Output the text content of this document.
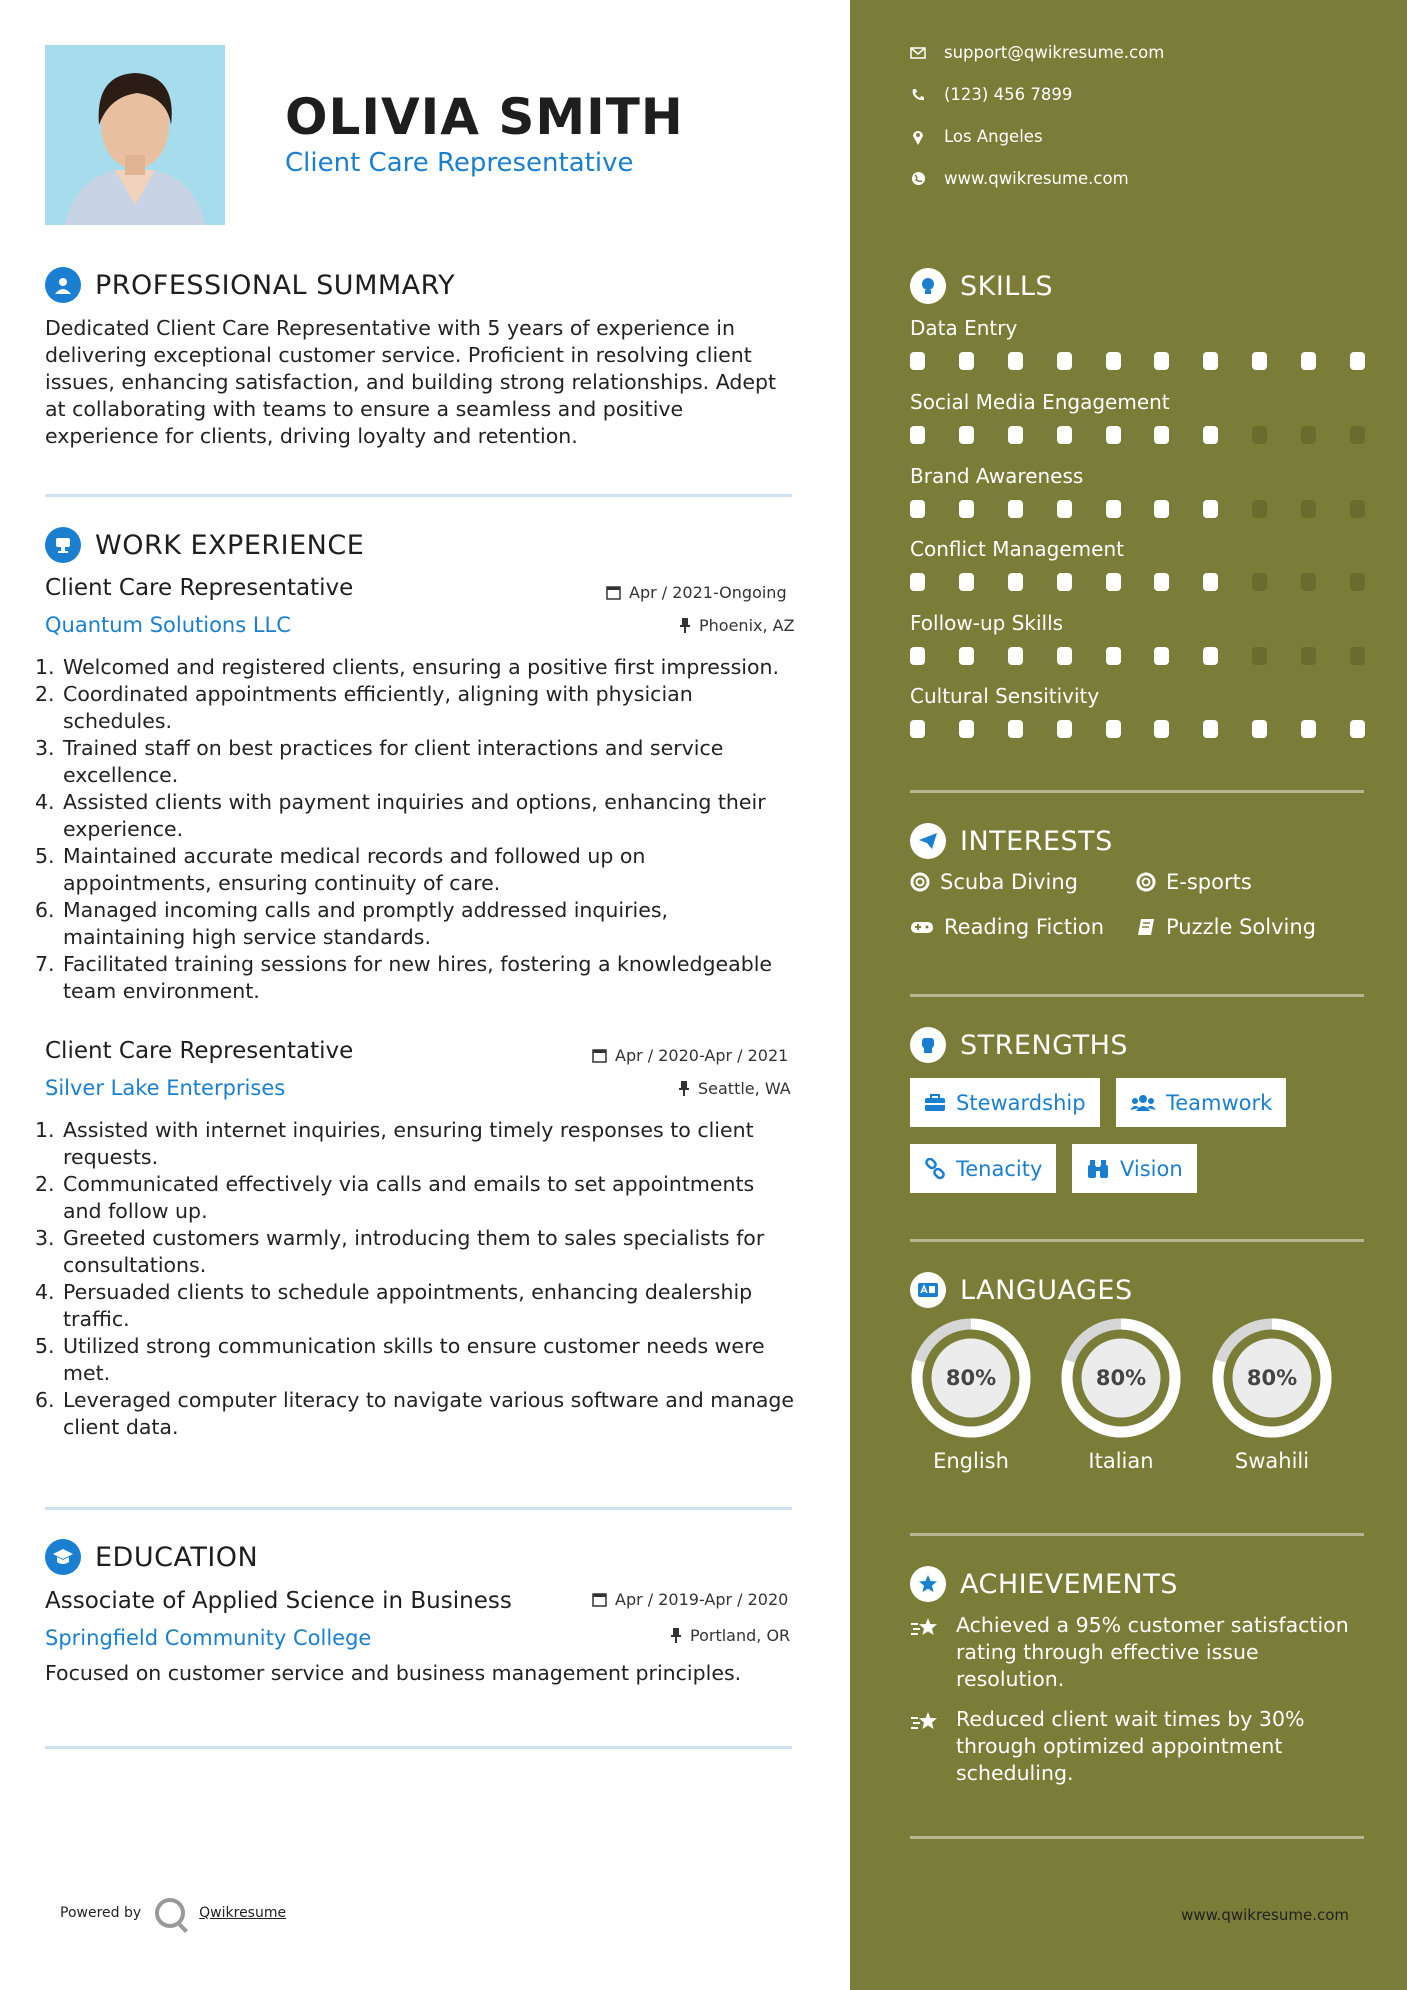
OLIVIA SMITH
Client Care Representative
PROFESSIONAL SUMMARY
Dedicated Client Care Representative with 5 years of experience in delivering exceptional customer service. Proficient in resolving client issues, enhancing satisfaction, and building strong relationships. Adept at collaborating with teams to ensure a seamless and positive experience for clients, driving loyalty and retention.
WORK EXPERIENCE
Client Care Representative	Apr / 2021-Ongoing
Quantum Solutions LLC	Phoenix, AZ
Welcomed and registered clients, ensuring a positive first impression.
Coordinated appointments efficiently, aligning with physician schedules.
Trained staff on best practices for client interactions and service excellence.
Assisted clients with payment inquiries and options, enhancing their experience.
Maintained accurate medical records and followed up on appointments, ensuring continuity of care.
Managed incoming calls and promptly addressed inquiries, maintaining high service standards.
Facilitated training sessions for new hires, fostering a knowledgeable team environment.
Client Care Representative	Apr / 2020-Apr / 2021
Silver Lake Enterprises	Seattle, WA
Assisted with internet inquiries, ensuring timely responses to client requests.
Communicated effectively via calls and emails to set appointments and follow up.
Greeted customers warmly, introducing them to sales specialists for consultations.
Persuaded clients to schedule appointments, enhancing dealership traffic.
Utilized strong communication skills to ensure customer needs were met.
Leveraged computer literacy to navigate various software and manage client data.
EDUCATION
Associate of Applied Science in Business	Apr / 2019-Apr / 2020
Springfield Community College	Portland, OR
Focused on customer service and business management principles.
Powered by	Qwikresume
support@qwikresume.com
(123) 456 7899
Los Angeles
www.qwikresume.com
SKILLS
Data Entry
Social Media Engagement
Brand Awareness
Conflict Management
Follow-up Skills
Cultural Sensitivity
INTERESTS
Scuba Diving	E-sports
Reading Fiction	Puzzle Solving
STRENGTHS
Stewardship	Teamwork
Tenacity	Vision
LANGUAGES
80%
English
80%
Italian
80%
Swahili
ACHIEVEMENTS
Achieved a 95% customer satisfaction rating through effective issue resolution.
Reduced client wait times by 30% through optimized appointment scheduling.
www.qwikresume.com
